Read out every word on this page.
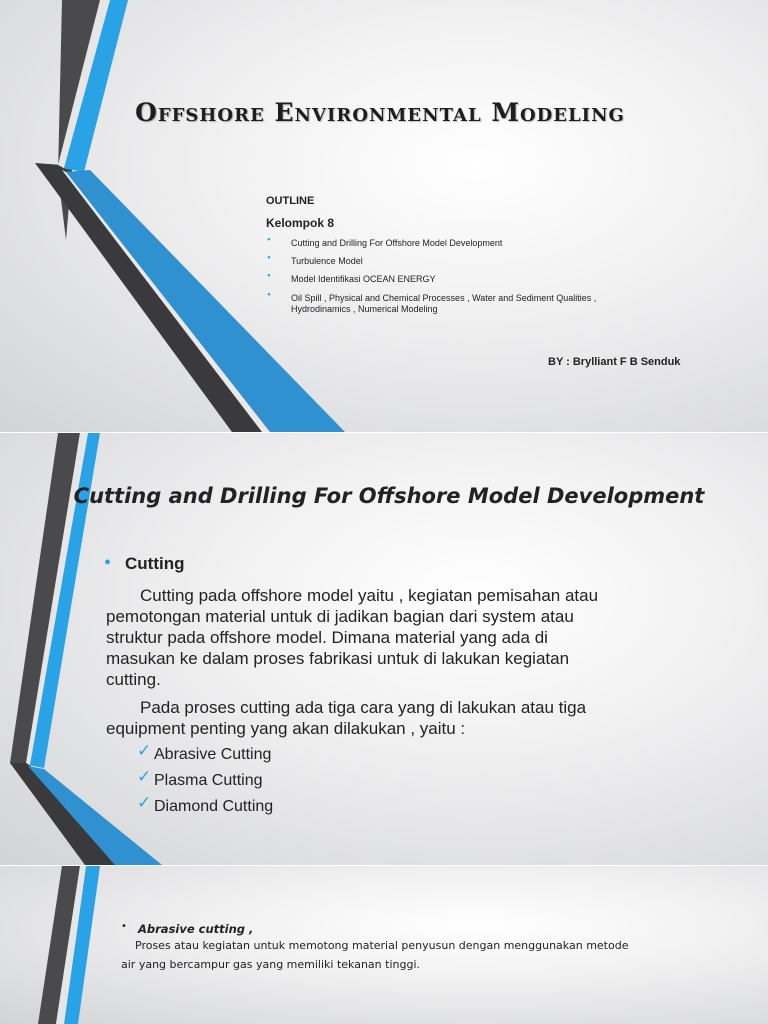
Offshore Environmental Modeling

OUTLINE

Kelompok 8

• Cutting and Drilling For Offshore Model Development
• Turbulence Model
• Model Identifikasi OCEAN ENERGY
• Oil Spill , Physical and Chemical Processes , Water and Sediment Qualities ,
Hydrodinamics , Numerical Modeling

BY : Brylliant F B Senduk

Cutting and Drilling For Offshore Model Development
• Cutting

Cutting pada offshore model yaitu , kegiatan pemisahan atau

pemotongan material untuk di jadikan bagian dari system atau

struktur pada offshore model. Dimana material yang ada di

masukan ke dalam proses fabrikasi untuk di lakukan kegiatan

cutting.

Pada proses cutting ada tiga cara yang di lakukan atau tiga

equipment penting yang akan dilakukan , yaitu :

✓ Abrasive Cutting
✓ Plasma Cutting
✓ Diamond Cutting
• Abrasive cutting ,

Proses atau kegiatan untuk memotong material penyusun dengan menggunakan metode

air yang bercampur gas yang memiliki tekanan tinggi.
